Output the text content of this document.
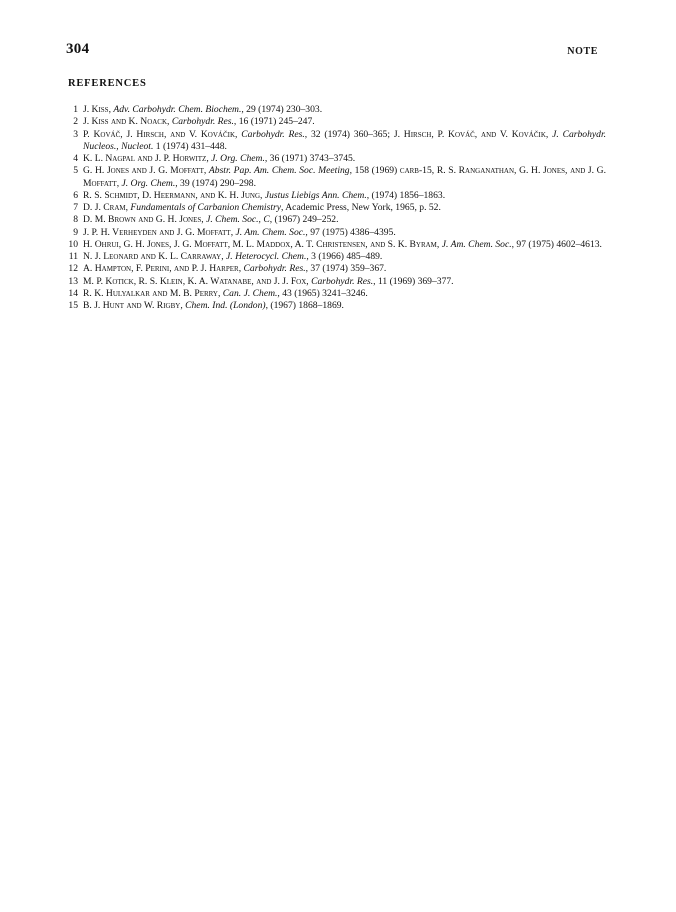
304	NOTE
REFERENCES
1 J. Kiss, Adv. Carbohydr. Chem. Biochem., 29 (1974) 230–303.
2 J. Kiss and K. Noack, Carbohydr. Res., 16 (1971) 245–247.
3 P. Kováč, J. Hirsch, and V. Kováčik, Carbohydr. Res., 32 (1974) 360–365; J. Hirsch, P. Kováč, and V. Kováčik, J. Carbohydr. Nucleos., Nucleot. 1 (1974) 431–448.
4 K. L. Nagpal and J. P. Horwitz, J. Org. Chem., 36 (1971) 3743–3745.
5 G. H. Jones and J. G. Moffatt, Abstr. Pap. Am. Chem. Soc. Meeting, 158 (1969) carb-15, R. S. Ranganathan, G. H. Jones, and J. G. Moffatt, J. Org. Chem., 39 (1974) 290–298.
6 R. S. Schmidt, D. Heermann, and K. H. Jung, Justus Liebigs Ann. Chem., (1974) 1856–1863.
7 D. J. Cram, Fundamentals of Carbanion Chemistry, Academic Press, New York, 1965, p. 52.
8 D. M. Brown and G. H. Jones, J. Chem. Soc., C, (1967) 249–252.
9 J. P. H. Verheyden and J. G. Moffatt, J. Am. Chem. Soc., 97 (1975) 4386–4395.
10 H. Ohrui, G. H. Jones, J. G. Moffatt, M. L. Maddox, A. T. Christensen, and S. K. Byram, J. Am. Chem. Soc., 97 (1975) 4602–4613.
11 N. J. Leonard and K. L. Carraway, J. Heterocycl. Chem., 3 (1966) 485–489.
12 A. Hampton, F. Perini, and P. J. Harper, Carbohydr. Res., 37 (1974) 359–367.
13 M. P. Kotick, R. S. Klein, K. A. Watanabe, and J. J. Fox, Carbohydr. Res., 11 (1969) 369–377.
14 R. K. Hulyalkar and M. B. Perry, Can. J. Chem., 43 (1965) 3241–3246.
15 B. J. Hunt and W. Rigby, Chem. Ind. (London), (1967) 1868–1869.
